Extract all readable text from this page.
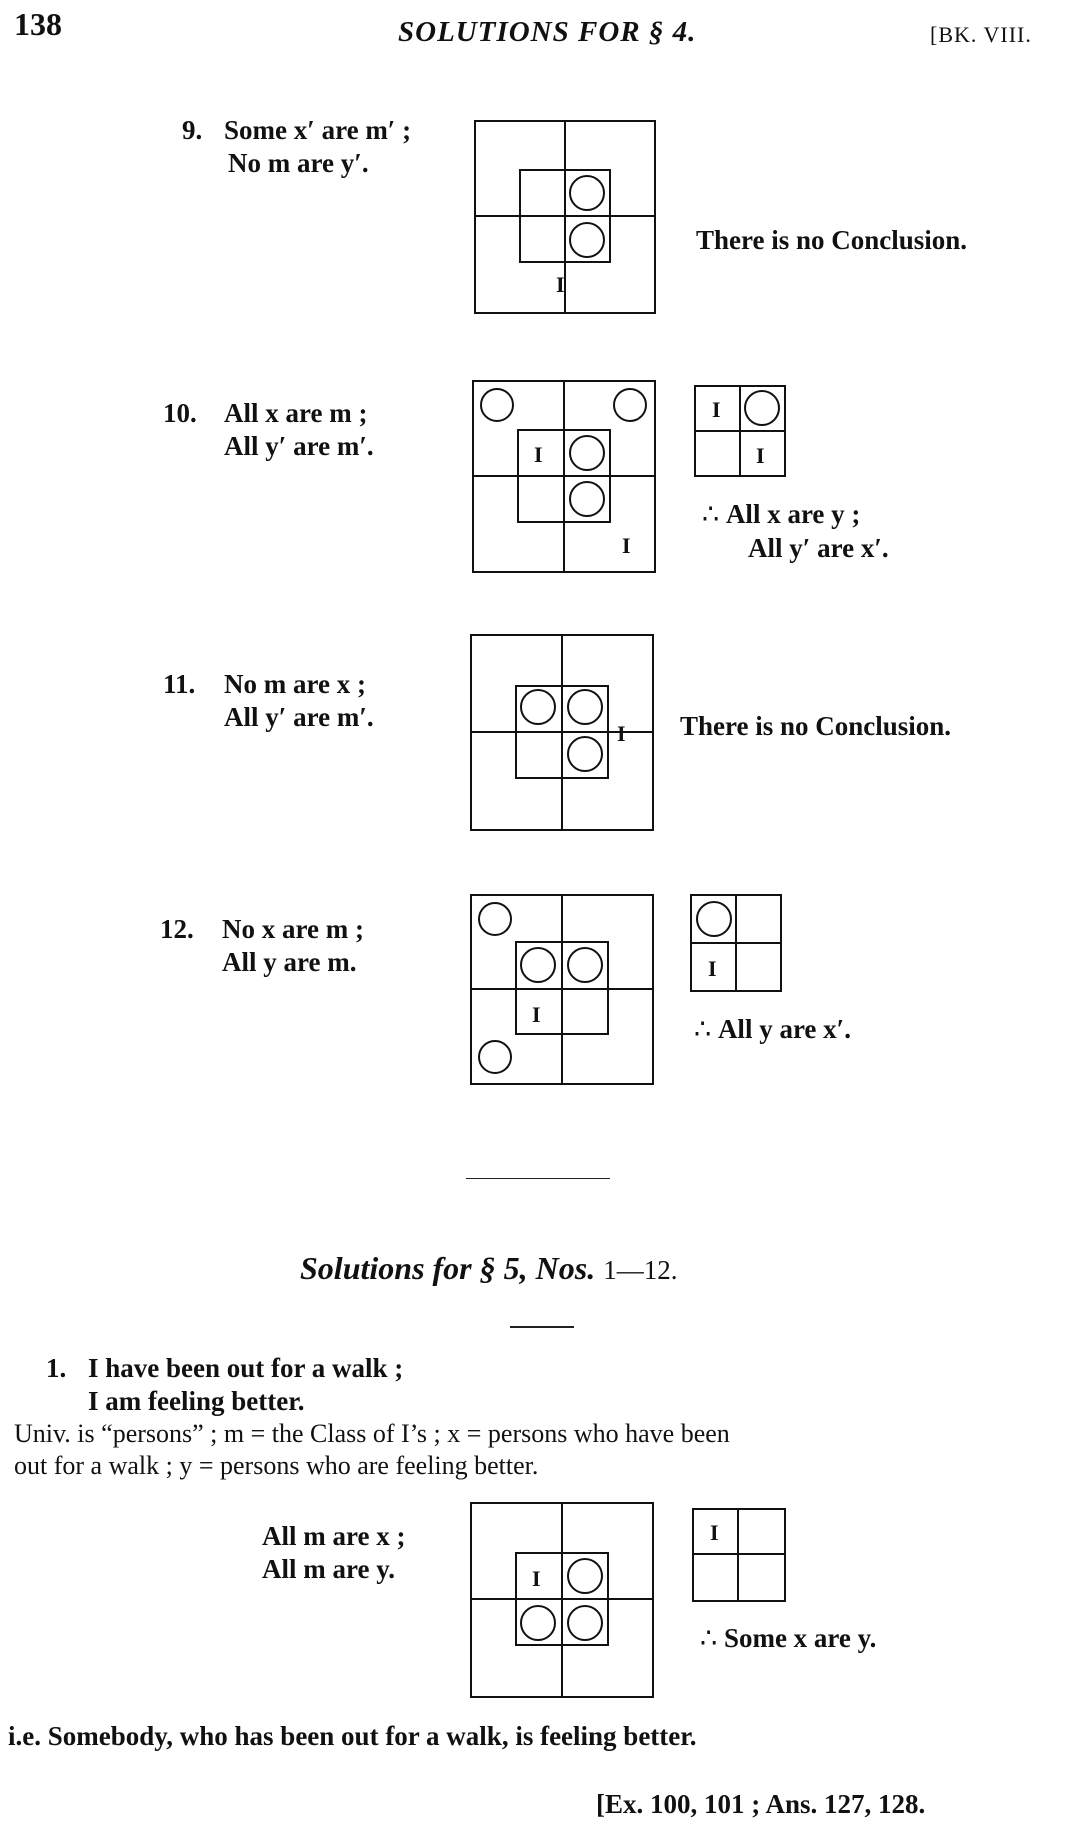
138	SOLUTIONS FOR § 4.	[BK. VIII.
9. Some x′ are m′ ;
No m are y′.
I
There is no Conclusion.
10. All x are m ;
All y′ are m′.	I
I
I
I
∴ All x are y ;
All y′ are x′.
11. No m are x ;
All y′ are m′.
I There is no Conclusion.
12. No x are m ;
All y are m.
I
I
∴ All y are x′.
Solutions for § 5, Nos. 1—12.
1. I have been out for a walk ;
I am feeling better.
Univ. is “persons” ; m = the Class of I’s ; x = persons who have been
out for a walk ; y = persons who are feeling better.
All m are x ;
All m are y.	I
I
∴ Some x are y.
i.e. Somebody, who has been out for a walk, is feeling better.
[Ex. 100, 101 ; Ans. 127, 128.
